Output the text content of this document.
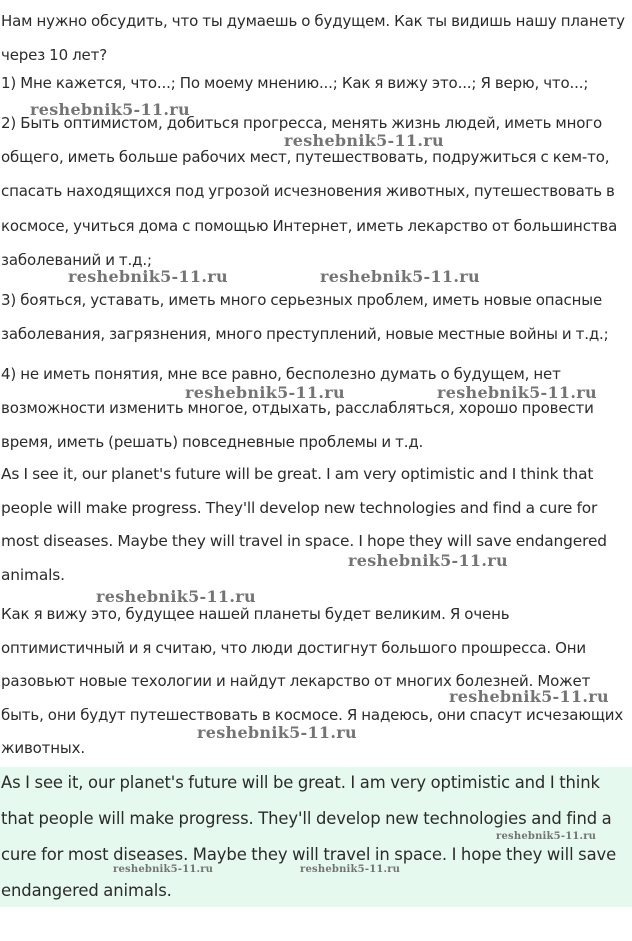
Нам нужно обсудить, что ты думаешь о будущем. Как ты видишь нашу планету через 10 лет?

1) Мне кажется, что...; По моему мнению...; Как я вижу это...; Я верю, что...;

2) Быть оптимистом, добиться прогресса, менять жизнь людей, иметь много общего, иметь больше рабочих мест, путешествовать, подружиться с кем-то, спасать находящихся под угрозой исчезновения животных, путешествовать в космосе, учиться дома с помощью Интернет, иметь лекарство от большинства заболеваний и т.д.;

3) бояться, уставать, иметь много серьезных проблем, иметь новые опасные заболевания, загрязнения, много преступлений, новые местные войны и т.д.;

4) не иметь понятия, мне все равно, бесполезно думать о будущем, нет возможности изменить многое, отдыхать, расслабляться, хорошо провести время, иметь (решать) повседневные проблемы и т.д.

As I see it, our planet's future will be great. I am very optimistic and I think that people will make progress. They'll develop new technologies and find a cure for most diseases. Maybe they will travel in space. I hope they will save endangered animals.

Как я вижу это, будущее нашей планеты будет великим. Я очень оптимистичный и я считаю, что люди достигнут большого прошресса. Они разовьют новые техологии и найдут лекарство от многих болезней. Может быть, они будут путешествовать в космосе. Я надеюсь, они спасут исчезающих животных.

As I see it, our planet's future will be great. I am very optimistic and I think that people will make progress. They'll develop new technologies and find a cure for most diseases. Maybe they will travel in space. I hope they will save endangered animals.

reshebnik5-11.ru
reshebnik5-11.ru
reshebnik5-11.ru	reshebnik5-11.ru
reshebnik5-11.ru	reshebnik5-11.ru
reshebnik5-11.ru
reshebnik5-11.ru
reshebnik5-11.ru
reshebnik5-11.ru
reshebnik5-11.ru
reshebnik5-11.ru	reshebnik5-11.ru
